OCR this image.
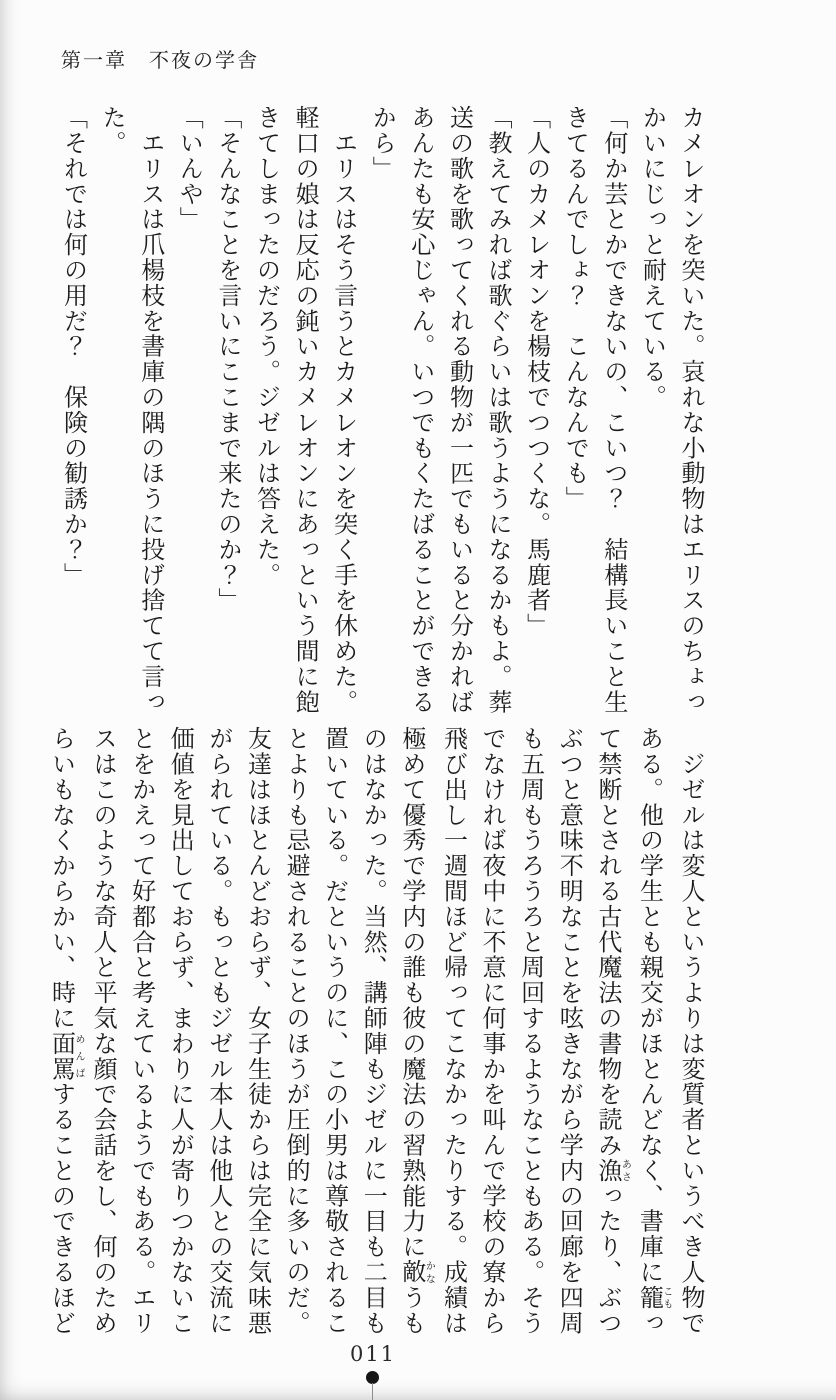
第一章　不夜の学舎

カメレオンを突いた。哀れな小動物はエリスのちょっ

かいにじっと耐えている。

「何か芸とかできないの、こいつ？　結構長いこと生

きてるんでしょ？　こんなんでも」

「人のカメレオンを楊枝でつつくな。馬鹿者」

「教えてみれば歌ぐらいは歌うようになるかもよ。葬

送の歌を歌ってくれる動物が一匹でもいると分かれば

あんたも安心じゃん。いつでもくたばることができる

から」

　エリスはそう言うとカメレオンを突く手を休めた。

軽口の娘は反応の鈍いカメレオンにあっという間に飽

きてしまったのだろう。ジゼルは答えた。

「そんなことを言いにここまで来たのか？」

「いんや」

　エリスは爪楊枝を書庫の隅のほうに投げ捨てて言っ

た。

「それでは何の用だ？　保険の勧誘か？」

　ジゼルは変人というよりは変質者というべき人物で

ある。他の学生とも親交がほとんどなく、書庫に籠こもっ

て禁断とされる古代魔法の書物を読み漁あさったり、ぶつ

ぶつと意味不明なことを呟きながら学内の回廊を四周

も五周もうろうろと周回するようなこともある。そう

でなければ夜中に不意に何事かを叫んで学校の寮から

飛び出し一週間ほど帰ってこなかったりする。成績は

極めて優秀で学内の誰も彼の魔法の習熟能力に敵かなうも

のはなかった。当然、講師陣もジゼルに一目も二目も

置いている。だというのに、この小男は尊敬されるこ

とよりも忌避されることのほうが圧倒的に多いのだ。

友達はほとんどおらず、女子生徒からは完全に気味悪

がられている。もっともジゼル本人は他人との交流に

価値を見出しておらず、まわりに人が寄りつかないこ

とをかえって好都合と考えているようでもある。エリ

スはこのような奇人と平気な顔で会話をし、何のため

らいもなくからかい、時に面罵めんばすることのできるほど

011
